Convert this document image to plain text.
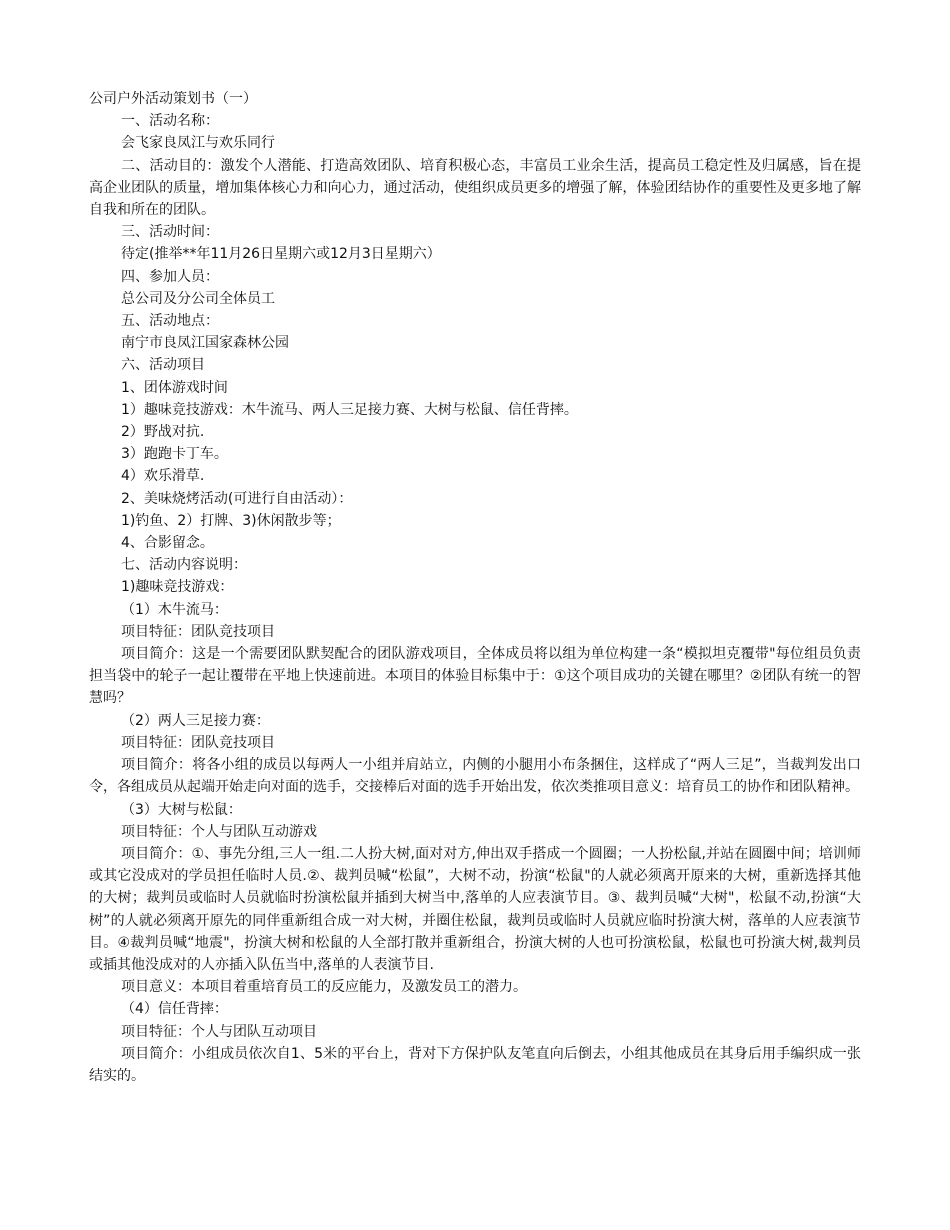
公司户外活动策划书（一）

一、活动名称：

会飞家良凤江与欢乐同行

二、活动目的：激发个人潜能、打造高效团队、培育积极心态，丰富员工业余生活，提高员工稳定性及归属感，旨在提高企业团队的质量，增加集体核心力和向心力，通过活动，使组织成员更多的增强了解，体验团结协作的重要性及更多地了解自我和所在的团队。

三、活动时间：

待定(推举**年11月26日星期六或12月3日星期六）

四、参加人员：

总公司及分公司全体员工

五、活动地点：

南宁市良凤江国家森林公园

六、活动项目

1、团体游戏时间

1）趣味竞技游戏：木牛流马、两人三足接力赛、大树与松鼠、信任背摔。

2）野战对抗.

3）跑跑卡丁车。

4）欢乐滑草.

2、美味烧烤活动(可进行自由活动）：

1)钓鱼、2）打牌、3)休闲散步等；

4、合影留念。

七、活动内容说明：

1)趣味竞技游戏：

（1）木牛流马：

项目特征：团队竞技项目

项目简介：这是一个需要团队默契配合的团队游戏项目，全体成员将以组为单位构建一条“模拟坦克覆带"每位组员负责担当袋中的轮子一起让覆带在平地上快速前进。本项目的体验目标集中于：①这个项目成功的关键在哪里？②团队有统一的智慧吗？

（2）两人三足接力赛：

项目特征：团队竞技项目

项目简介：将各小组的成员以每两人一小组并肩站立，内侧的小腿用小布条捆住，这样成了“两人三足”，当裁判发出口令，各组成员从起端开始走向对面的选手，交接棒后对面的选手开始出发，依次类推项目意义：培育员工的协作和团队精神。

（3）大树与松鼠：

项目特征：个人与团队互动游戏

项目简介：①、事先分组,三人一组.二人扮大树,面对对方,伸出双手搭成一个圆圈；一人扮松鼠,并站在圆圈中间；培训师或其它没成对的学员担任临时人员.②、裁判员喊“松鼠”，大树不动，扮演“松鼠"的人就必须离开原来的大树，重新选择其他的大树；裁判员或临时人员就临时扮演松鼠并插到大树当中,落单的人应表演节目。③、裁判员喊“大树"，松鼠不动,扮演“大树”的人就必须离开原先的同伴重新组合成一对大树，并圈住松鼠，裁判员或临时人员就应临时扮演大树，落单的人应表演节目。④裁判员喊“地震"，扮演大树和松鼠的人全部打散并重新组合，扮演大树的人也可扮演松鼠，松鼠也可扮演大树,裁判员或插其他没成对的人亦插入队伍当中,落单的人表演节目.

项目意义：本项目着重培育员工的反应能力，及激发员工的潜力。

（4）信任背摔：

项目特征：个人与团队互动项目

项目简介：小组成员依次自1、5米的平台上，背对下方保护队友笔直向后倒去，小组其他成员在其身后用手编织成一张结实的。
